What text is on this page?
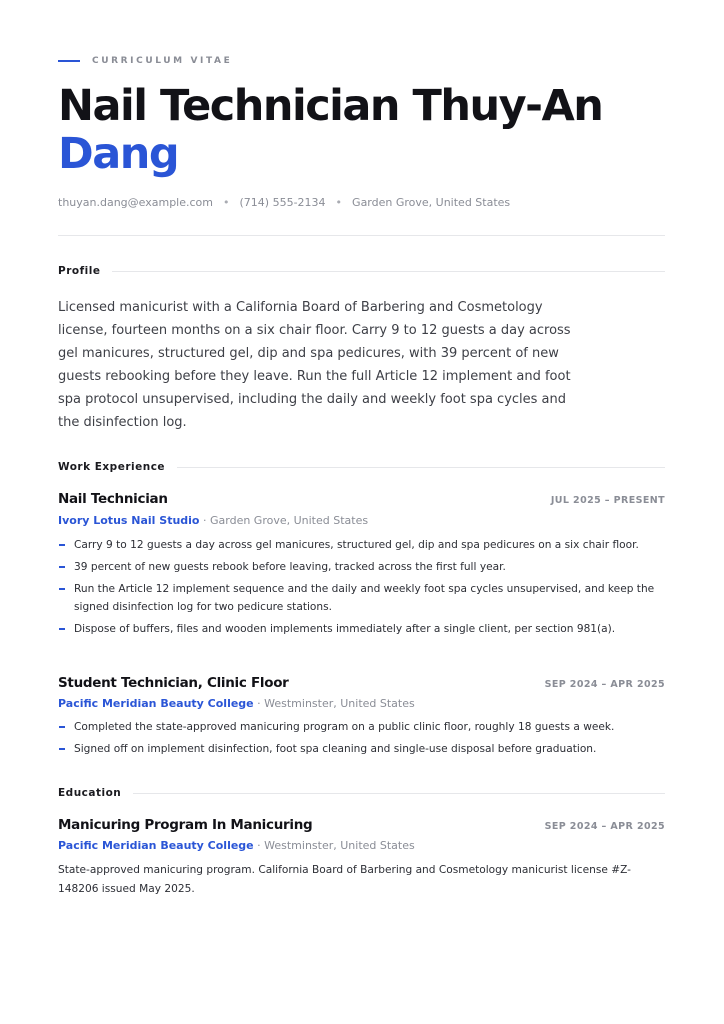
CURRICULUM VITAE
Nail Technician Thuy-An
Dang
thuyan.dang@example.com • (714) 555-2134 • Garden Grove, United States
Profile

Licensed manicurist with a California Board of Barbering and Cosmetology license, fourteen months on a six chair floor. Carry 9 to 12 guests a day across gel manicures, structured gel, dip and spa pedicures, with 39 percent of new guests rebooking before they leave. Run the full Article 12 implement and foot spa protocol unsupervised, including the daily and weekly foot spa cycles and the disinfection log.

Work Experience
Nail Technician	JUL 2025 – PRESENT
Ivory Lotus Nail Studio · Garden Grove, United States
Carry 9 to 12 guests a day across gel manicures, structured gel, dip and spa pedicures on a six chair floor.
39 percent of new guests rebook before leaving, tracked across the first full year.
Run the Article 12 implement sequence and the daily and weekly foot spa cycles unsupervised, and keep the signed disinfection log for two pedicure stations.
Dispose of buffers, files and wooden implements immediately after a single client, per section 981(a).
Student Technician, Clinic Floor	SEP 2024 – APR 2025
Pacific Meridian Beauty College · Westminster, United States
Completed the state-approved manicuring program on a public clinic floor, roughly 18 guests a week.
Signed off on implement disinfection, foot spa cleaning and single-use disposal before graduation.
Education
Manicuring Program In Manicuring	SEP 2024 – APR 2025
Pacific Meridian Beauty College · Westminster, United States

State-approved manicuring program. California Board of Barbering and Cosmetology manicurist license #Z-148206 issued May 2025.
